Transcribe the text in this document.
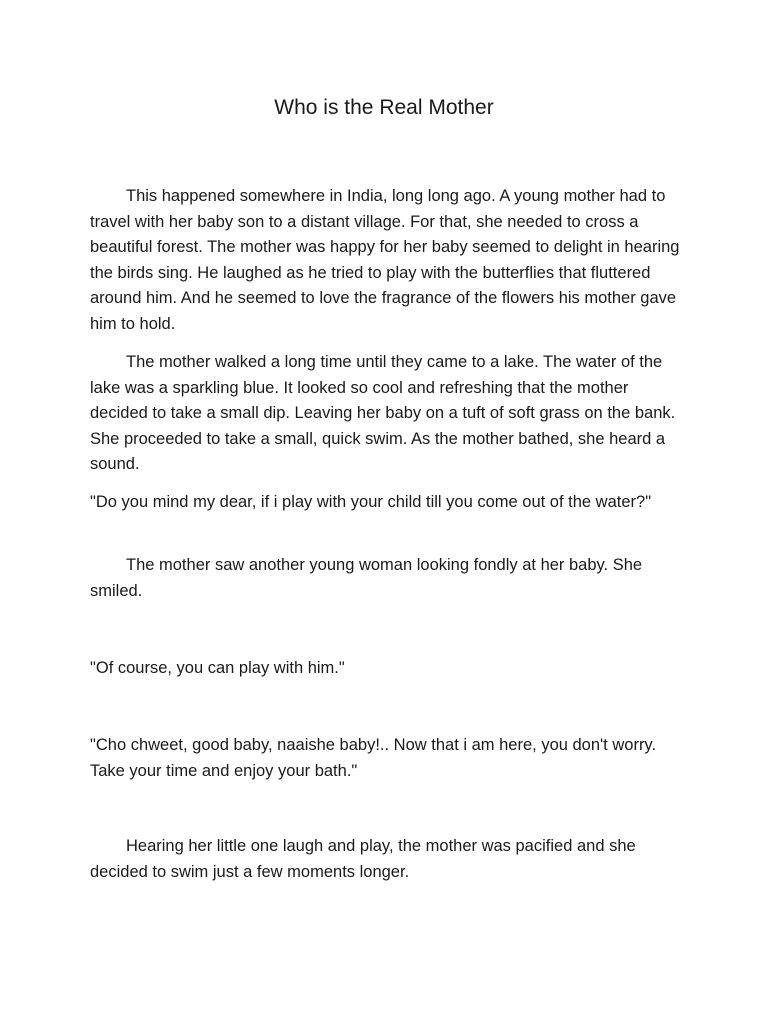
Who is the Real Mother

This happened somewhere in India, long long ago. A young mother had to travel with her baby son to a distant village. For that, she needed to cross a beautiful forest. The mother was happy for her baby seemed to delight in hearing the birds sing. He laughed as he tried to play with the butterflies that fluttered around him. And he seemed to love the fragrance of the flowers his mother gave him to hold.

The mother walked a long time until they came to a lake. The water of the lake was a sparkling blue. It looked so cool and refreshing that the mother decided to take a small dip. Leaving her baby on a tuft of soft grass on the bank. She proceeded to take a small, quick swim. As the mother bathed, she heard a sound.

"Do you mind my dear, if i play with your child till you come out of the water?"

The mother saw another young woman looking fondly at her baby. She smiled.

"Of course, you can play with him."

"Cho chweet, good baby, naaishe baby!.. Now that i am here, you don't worry. Take your time and enjoy your bath."

Hearing her little one laugh and play, the mother was pacified and she decided to swim just a few moments longer.
